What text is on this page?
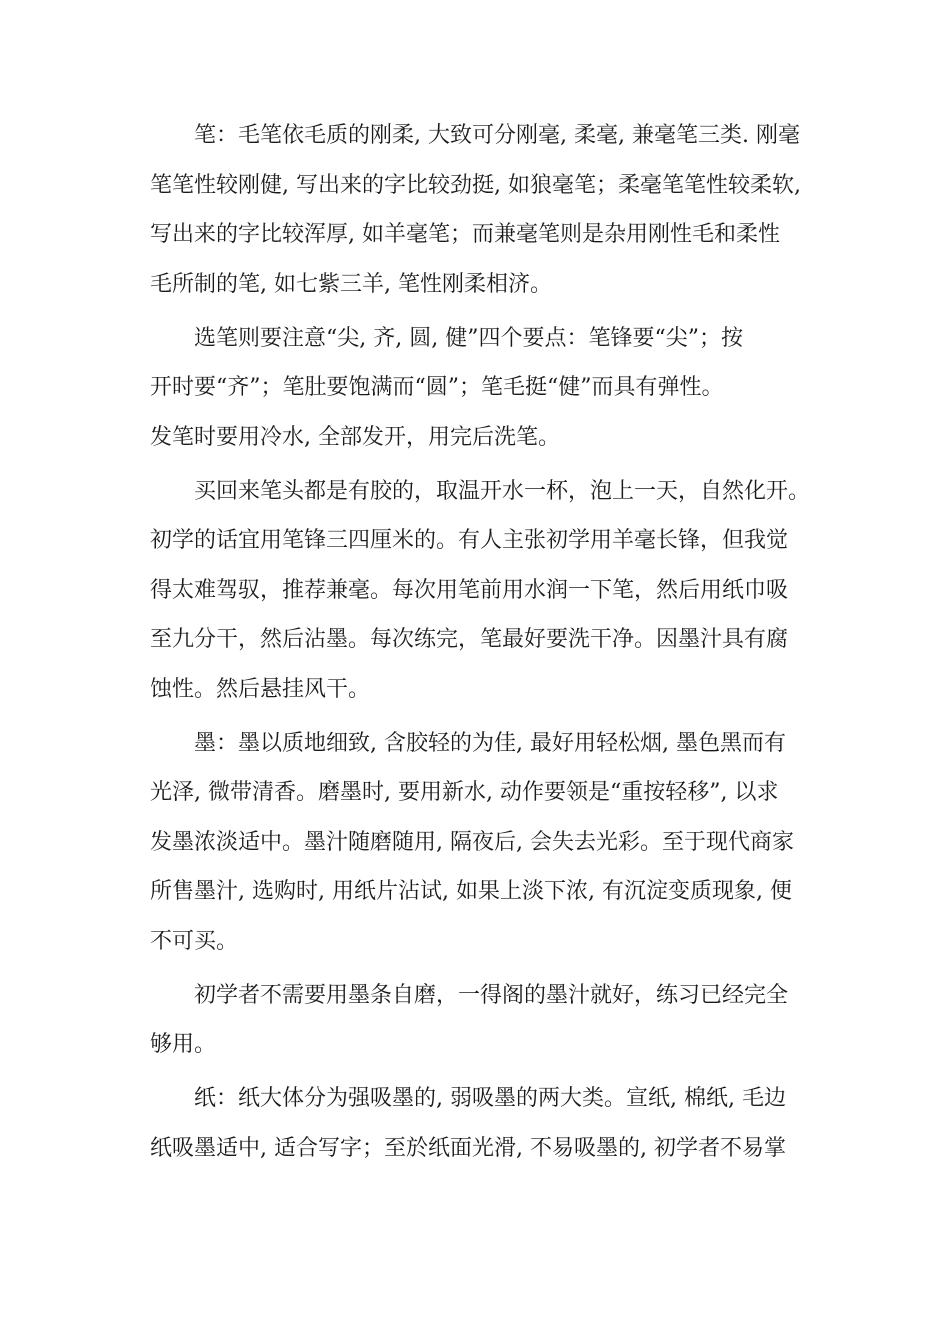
笔：毛笔依毛质的刚柔, 大致可分刚毫, 柔毫, 兼毫笔三类. 刚毫
笔笔性较刚健, 写出来的字比较劲挺, 如狼毫笔；柔毫笔笔性较柔软,
写出来的字比较浑厚, 如羊毫笔；而兼毫笔则是杂用刚性毛和柔性
毛所制的笔, 如七紫三羊, 笔性刚柔相济。
选笔则要注意“尖, 齐, 圆, 健”四个要点：笔锋要“尖”；按
开时要“齐”；笔肚要饱满而“圆”；笔毛挺“健”而具有弹性。
发笔时要用冷水, 全部发开，用完后洗笔。
买回来笔头都是有胶的，取温开水一杯，泡上一天，自然化开。
初学的话宜用笔锋三四厘米的。有人主张初学用羊毫长锋，但我觉
得太难驾驭，推荐兼毫。每次用笔前用水润一下笔，然后用纸巾吸
至九分干，然后沾墨。每次练完，笔最好要洗干净。因墨汁具有腐
蚀性。然后悬挂风干。
墨：墨以质地细致, 含胶轻的为佳, 最好用轻松烟, 墨色黑而有
光泽, 微带清香。磨墨时, 要用新水, 动作要领是“重按轻移”, 以求
发墨浓淡适中。墨汁随磨随用, 隔夜后, 会失去光彩。至于现代商家
所售墨汁, 选购时, 用纸片沾试, 如果上淡下浓, 有沉淀变质现象, 便
不可买。
初学者不需要用墨条自磨，一得阁的墨汁就好，练习已经完全
够用。
纸：纸大体分为强吸墨的, 弱吸墨的两大类。宣纸, 棉纸, 毛边
纸吸墨适中, 适合写字；至於纸面光滑, 不易吸墨的, 初学者不易掌
